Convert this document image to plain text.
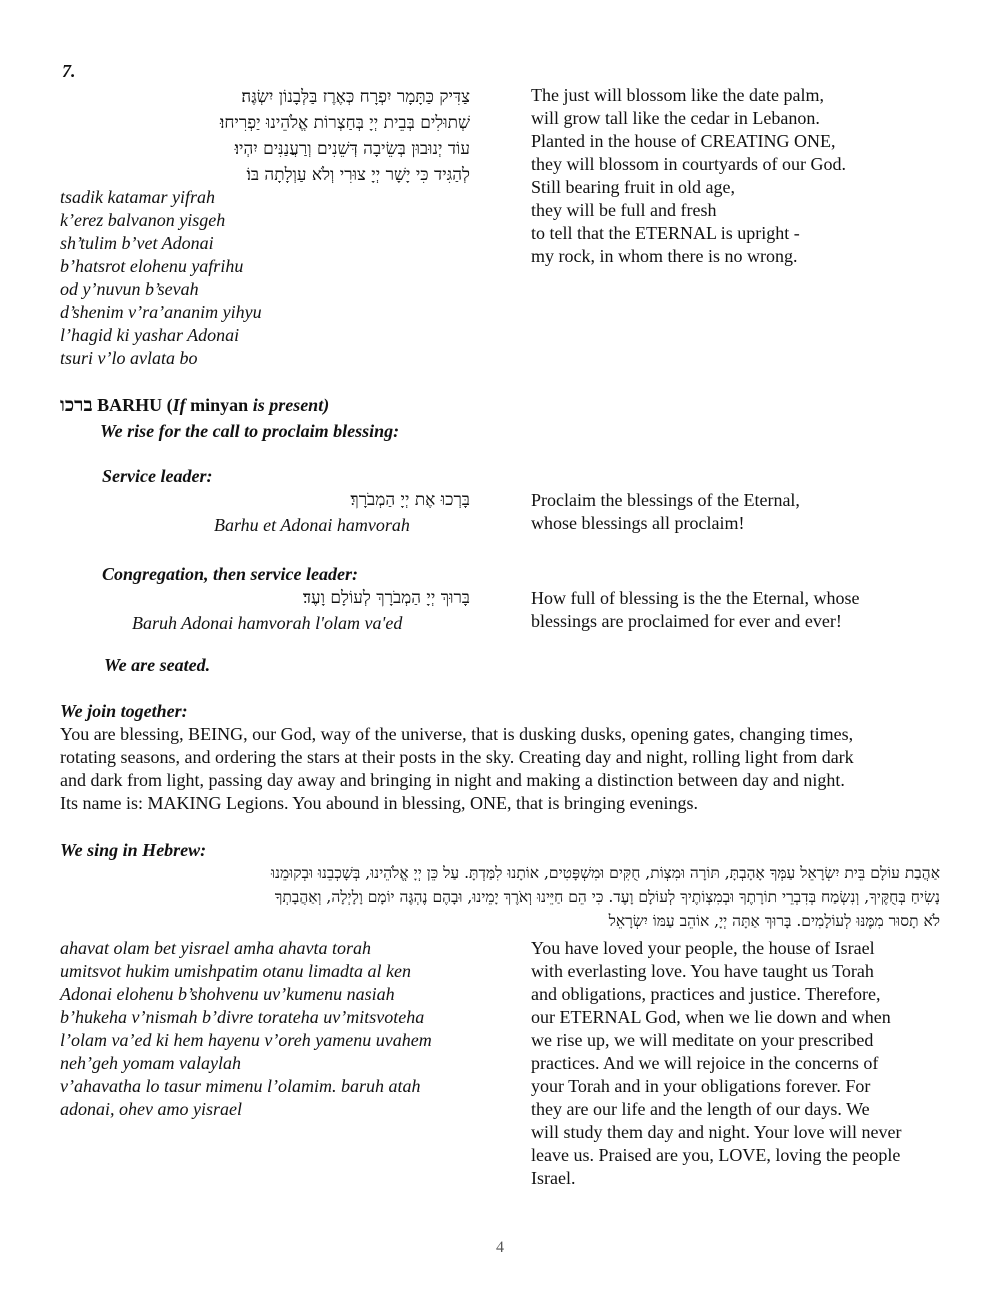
7.
צַדִּיק כַּתָּמָר יִפְרָח כְּאֶרֶז בַּלְּבָנוֹן יִשְׂגֶּה׃
שְׁתוּלִים בְּבֵית יְיָ בְּחַצְרוֹת אֱלֹהֵינוּ יַפְרִיחוּ׃
עוֹד יְנוּבוּן בְּשֵׂיבָה דְּשֵׁנִים וְרַעֲנַנִּים יִהְיוּ׃
לְהַגִּיד כִּי יָשָׁר יְיָ צוּרִי וְלֹא עַוְלָתָה בּוֹ׃
tsadik katamar yifrah
k’erez balvanon yisgeh
sh’tulim b’vet Adonai
b’hatsrot elohenu yafrihu
od y’nuvun b’sevah
d’shenim v’ra’ananim yihyu
l’hagid ki yashar Adonai
tsuri v’lo avlata bo
The just will blossom like the date palm,
will grow tall like the cedar in Lebanon.
Planted in the house of CREATING ONE,
they will blossom in courtyards of our God.
Still bearing fruit in old age,
they will be full and fresh
to tell that the ETERNAL is upright -
my rock, in whom there is no wrong.
ברכו BARHU (If minyan is present)
We rise for the call to proclaim blessing:
Service leader:
בָּרְכוּ אֶת יְיָ הַמְבֹרָךְ׃
Barhu et Adonai hamvorah
Proclaim the blessings of the Eternal,
whose blessings all proclaim!
Congregation, then service leader:
בָּרוּךְ יְיָ הַמְבֹרָךְ לְעוֹלָם וָעֶד׃
Baruh Adonai hamvorah l'olam va'ed
How full of blessing is the the Eternal, whose
blessings are proclaimed for ever and ever!
We are seated.
We join together:
You are blessing, BEING, our God, way of the universe, that is dusking dusks, opening gates, changing times,
rotating seasons, and ordering the stars at their posts in the sky. Creating day and night, rolling light from dark
and dark from light, passing day away and bringing in night and making a distinction between day and night.
Its name is: MAKING Legions. You abound in blessing, ONE, that is bringing evenings.
We sing in Hebrew:
אַהֲבַת עוֹלָם בֵּית יִשְׂרָאֵל עַמְּךָ אָהָבְתָּ, תּוֹרָה וּמִצְוֹת, חֻקִּים וּמִשְׁפָּטִים, אוֹתָנוּ לִמַּדְתָּ. עַל כֵּן יְיָ אֱלֹהֵינוּ, בְּשָׁכְבֵנוּ וּבְקוּמֵנוּ
נָשִׂיחַ בְּחֻקֶּיךָ, וְנִשְׂמַח בְּדִבְרֵי תוֹרָתֶךָ וּבְמִצְוֹתֶיךָ לְעוֹלָם וָעֶד. כִּי הֵם חַיֵּינוּ וְאֹרֶךְ יָמֵינוּ, וּבָהֶם נֶהְגֶּה יוֹמָם וָלָיְלָה, וְאַהֲבָתְךָ
לֹא תָסוּר מִמֶּנּוּ לְעוֹלָמִים. בָּרוּךְ אַתָּה יְיָ, אוֹהֵב עַמּוֹ יִשְׂרָאֵל
ahavat olam bet yisrael amha ahavta torah
umitsvot hukim umishpatim otanu limadta al ken
Adonai elohenu b’shohvenu uv’kumenu nasiah
b’hukeha v’nismah b’divre torateha uv’mitsvoteha
l’olam va’ed ki hem hayenu v’oreh yamenu uvahem
neh’geh yomam valaylah
v’ahavatha lo tasur mimenu l’olamim. baruh atah
adonai, ohev amo yisrael
You have loved your people, the house of Israel
with everlasting love. You have taught us Torah
and obligations, practices and justice. Therefore,
our ETERNAL God, when we lie down and when
we rise up, we will meditate on your prescribed
practices. And we will rejoice in the concerns of
your Torah and in your obligations forever. For
they are our life and the length of our days. We
will study them day and night. Your love will never
leave us. Praised are you, LOVE, loving the people
Israel.
4
